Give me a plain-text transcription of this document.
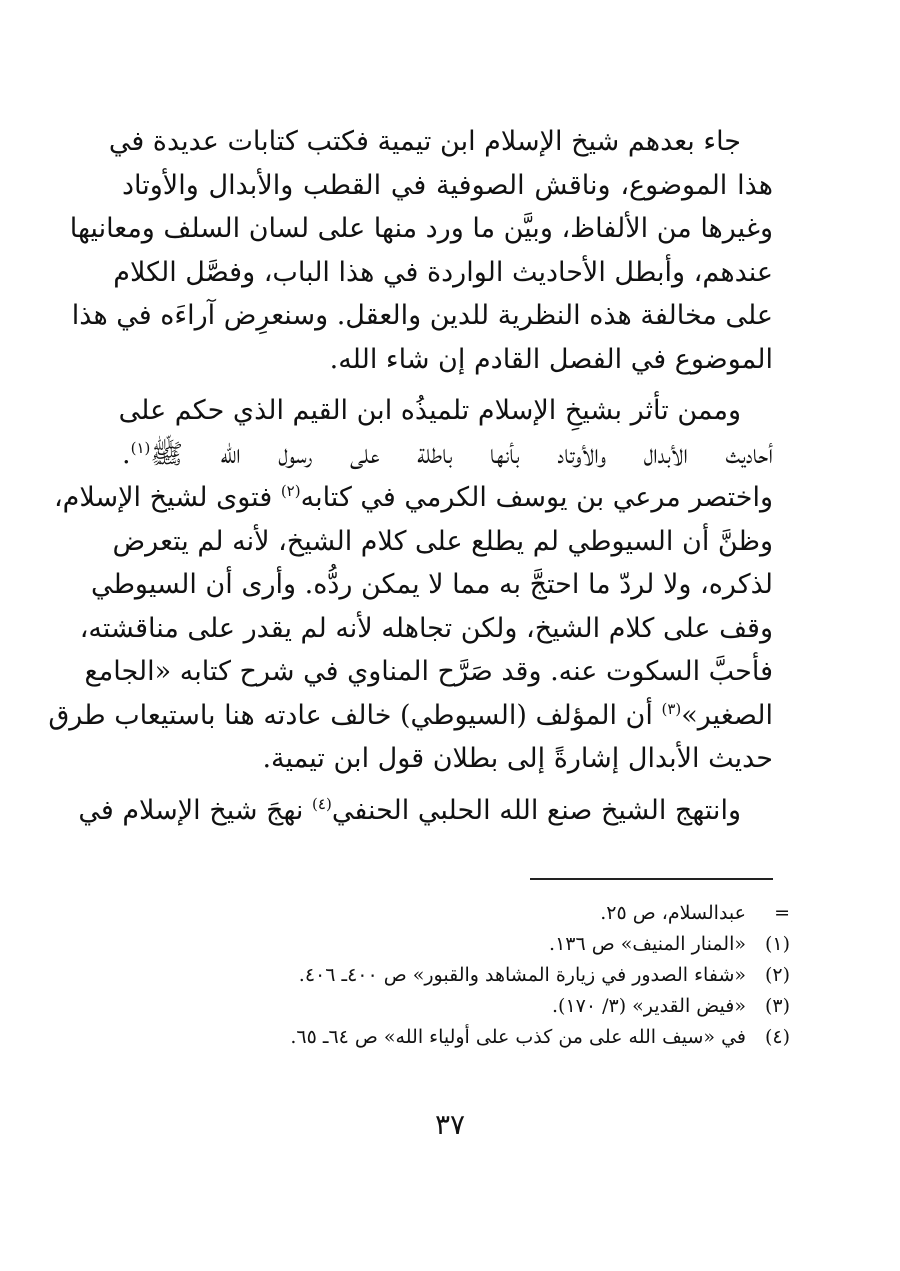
جاء بعدهم شيخ الإسلام ابن تيمية فكتب كتابات عديدة في
هذا الموضوع، وناقش الصوفية في القطب والأبدال والأوتاد
وغيرها من الألفاظ، وبيَّن ما ورد منها على لسان السلف ومعانيها
عندهم، وأبطل الأحاديث الواردة في هذا الباب، وفصَّل الكلام
على مخالفة هذه النظرية للدين والعقل. وسنعرِض آراءَه في هذا
الموضوع في الفصل القادم إن شاء الله.
وممن تأثر بشيخِ الإسلام تلميذُه ابن القيم الذي حكم على
أحاديث الأبدال والأوتاد بأنها باطلة على رسول الله ﷺ$^{(١)}$.
واختصر مرعي بن يوسف الكرمي في كتابه$^{(٢)}$ فتوى لشيخ الإسلام،
وظنَّ أن السيوطي لم يطلع على كلام الشيخ، لأنه لم يتعرض
لذكره، ولا لردّ ما احتجَّ به مما لا يمكن ردُّه. وأرى أن السيوطي
وقف على كلام الشيخ، ولكن تجاهله لأنه لم يقدر على مناقشته،
فأحبَّ السكوت عنه. وقد صَرَّح المناوي في شرح كتابه «الجامع
الصغير»$^{(٣)}$ أن المؤلف (السيوطي) خالف عادته هنا باستيعاب طرق
حديث الأبدال إشارةً إلى بطلان قول ابن تيمية.
وانتهج الشيخ صنع الله الحلبي الحنفي$^{(٤)}$ نهجَ شيخ الإسلام في
=عبدالسلام، ص ٢٥.
(١)«المنار المنيف» ص ١٣٦.
(٢)«شفاء الصدور في زيارة المشاهد والقبور» ص ٤٠٠ـ ٤٠٦.
(٣)«فيض القدير» (٣/ ١٧٠).
(٤)في «سيف الله على من كذب على أولياء الله» ص ٦٤ـ ٦٥.
٣٧
